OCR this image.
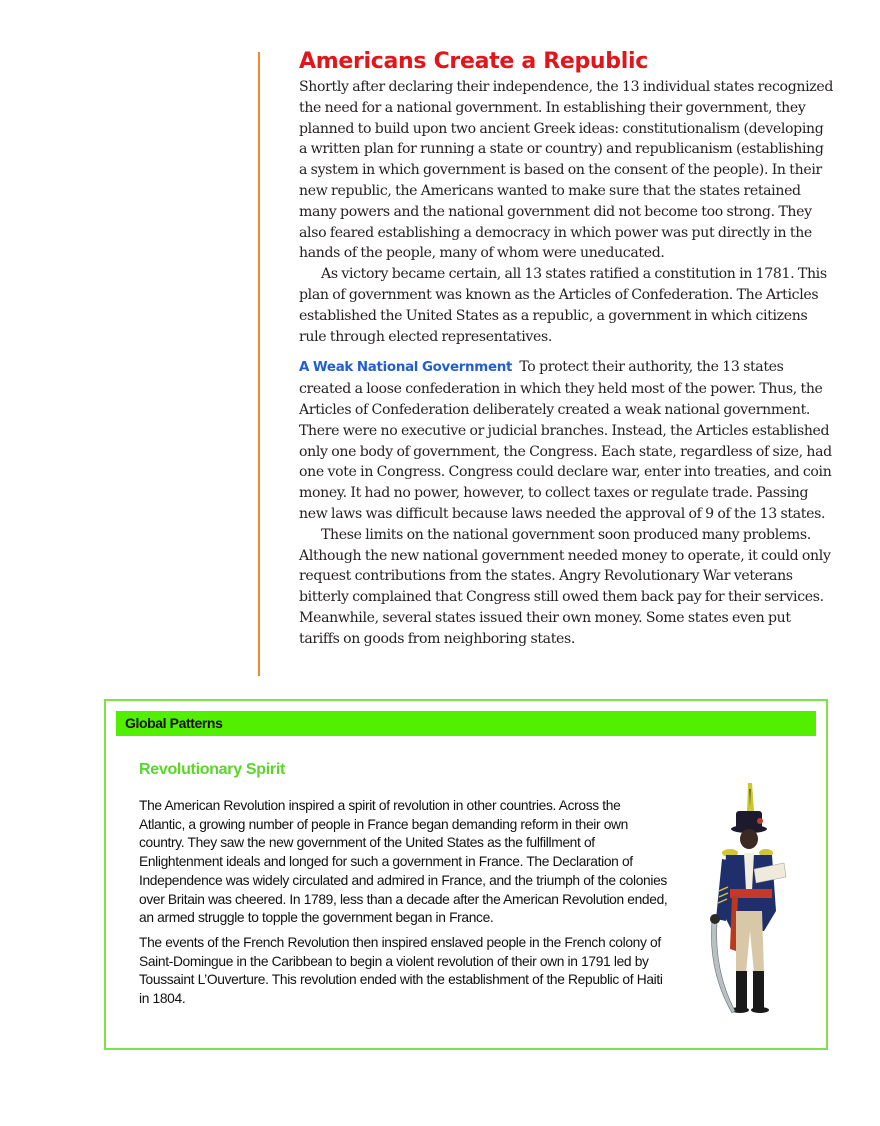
Americans Create a Republic

Shortly after declaring their independence, the 13 individual states recognized the need for a national government. In establishing their government, they planned to build upon two ancient Greek ideas: constitutionalism (developing a written plan for running a state or country) and republicanism (establishing a system in which government is based on the consent of the people). In their new republic, the Americans wanted to make sure that the states retained many powers and the national government did not become too strong. They also feared establishing a democracy in which power was put directly in the hands of the people, many of whom were uneducated.

As victory became certain, all 13 states ratified a constitution in 1781. This plan of government was known as the Articles of Confederation. The Articles established the United States as a republic, a government in which citizens rule through elected representatives.

A Weak National Government To protect their authority, the 13 states created a loose confederation in which they held most of the power. Thus, the Articles of Confederation deliberately created a weak national government. There were no executive or judicial branches. Instead, the Articles established only one body of government, the Congress. Each state, regardless of size, had one vote in Congress. Congress could declare war, enter into treaties, and coin money. It had no power, however, to collect taxes or regulate trade. Passing new laws was difficult because laws needed the approval of 9 of the 13 states.

These limits on the national government soon produced many problems. Although the new national government needed money to operate, it could only request contributions from the states. Angry Revolutionary War veterans bitterly complained that Congress still owed them back pay for their services. Meanwhile, several states issued their own money. Some states even put tariffs on goods from neighboring states.

Global Patterns
Revolutionary Spirit

The American Revolution inspired a spirit of revolution in other countries. Across the Atlantic, a growing number of people in France began demanding reform in their own country. They saw the new government of the United States as the fulfillment of Enlightenment ideals and longed for such a government in France. The Declaration of Independence was widely circulated and admired in France, and the triumph of the colonies over Britain was cheered. In 1789, less than a decade after the American Revolution ended, an armed struggle to topple the government began in France.

The events of the French Revolution then inspired enslaved people in the French colony of Saint-Domingue in the Caribbean to begin a violent revolution of their own in 1791 led by Toussaint L’Ouverture. This revolution ended with the establishment of the Republic of Haiti in 1804.
